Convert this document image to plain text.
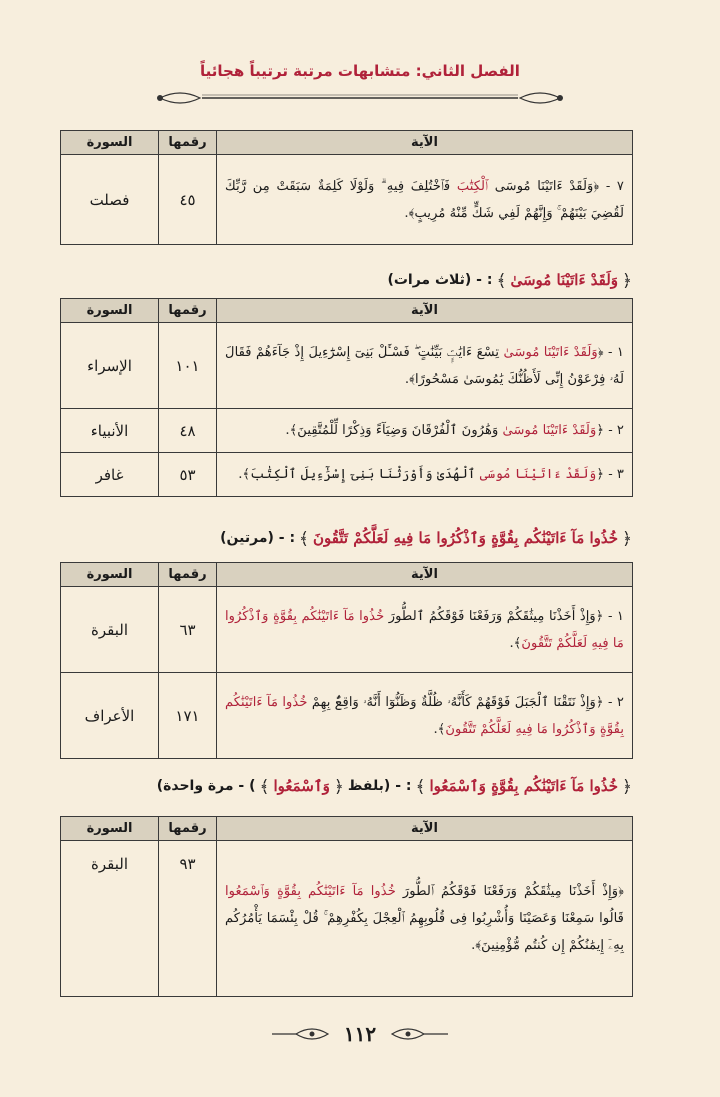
الفصل الثاني: متشابهات مرتبة ترتيباً هجائياً
الآية	رقمها	السورة
٧ - ﴿وَلَقَدْ ءَاتَيْنَا مُوسَى ٱلْكِتَٰبَ فَٱخْتُلِفَ فِيهِ ۗ وَلَوْلَا كَلِمَةٌ سَبَقَتْ مِن رَّبِّكَ لَقُضِيَ بَيْنَهُمْ ۚ وَإِنَّهُمْ لَفِي شَكٍّ مِّنْهُ مُرِيبٍ﴾.	٤٥	فصلت
﴿
وَلَقَدْ ءَاتَيْنَا مُوسَىٰ
﴾
: - (ثلاث مرات)
الآية	رقمها	السورة
١ - ﴿وَلَقَدْ ءَاتَيْنَا مُوسَىٰ تِسْعَ ءَايَٰتٍۭ بَيِّنَٰتٍ ۖ فَسْـَٔلْ بَنِىٓ إِسْرَٰٓءِيلَ إِذْ جَآءَهُمْ فَقَالَ لَهُۥ فِرْعَوْنُ إِنِّى لَأَظُنُّكَ يَٰمُوسَىٰ مَسْحُورًا﴾.	١٠١	الإسراء
٢ - ﴿وَلَقَدْ ءَاتَيْنَا مُوسَىٰ وَهَٰرُونَ ٱلْفُرْقَانَ وَضِيَآءً وَذِكْرًا لِّلْمُتَّقِينَ﴾.	٤٨	الأنبياء
٣ - ﴿وَلَقَدْ ءَاتَيْنَا مُوسَى ٱلْهُدَىٰ وَأَوْرَثْنَا بَنِىٓ إِسْرَٰٓءِيلَ ٱلْكِتَٰبَ﴾.	٥٣	غافر
﴿
خُذُوا مَآ ءَاتَيْنَٰكُم بِقُوَّةٍ وَٱذْكُرُوا مَا فِيهِ لَعَلَّكُمْ تَتَّقُونَ
﴾
: - (مرتين)
الآية	رقمها	السورة
١ - ﴿وَإِذْ أَخَذْنَا مِيثَٰقَكُمْ وَرَفَعْنَا فَوْقَكُمُ ٱلطُّورَ خُذُوا مَآ ءَاتَيْنَٰكُم بِقُوَّةٍ وَٱذْكُرُوا مَا فِيهِ لَعَلَّكُمْ تَتَّقُونَ﴾.	٦٣	البقرة
٢ - ﴿وَإِذْ نَتَقْنَا ٱلْجَبَلَ فَوْقَهُمْ كَأَنَّهُۥ ظُلَّةٌ وَظَنُّوٓا أَنَّهُۥ وَاقِعٌۢ بِهِمْ خُذُوا مَآ ءَاتَيْنَٰكُم بِقُوَّةٍ وَٱذْكُرُوا مَا فِيهِ لَعَلَّكُمْ تَتَّقُونَ﴾.	١٧١	الأعراف
﴿
خُذُوا مَآ ءَاتَيْنَٰكُم بِقُوَّةٍ وَٱسْمَعُوا
﴾
: - (بلفظ
﴿
وَٱسْمَعُوا
﴾
) - مرة واحدة)
الآية	رقمها	السورة
﴿وَإِذْ أَخَذْنَا مِيثَٰقَكُمْ وَرَفَعْنَا فَوْقَكُمُ ٱلطُّورَ خُذُوا مَآ ءَاتَيْنَٰكُم بِقُوَّةٍ وَٱسْمَعُوا قَالُوا سَمِعْنَا وَعَصَيْنَا وَأُشْرِبُوا فِى قُلُوبِهِمُ ٱلْعِجْلَ بِكُفْرِهِمْ ۚ قُلْ بِئْسَمَا يَأْمُرُكُم بِهِۦٓ إِيمَٰنُكُمْ إِن كُنتُم مُّؤْمِنِينَ﴾.	٩٣	البقرة
١١٢
